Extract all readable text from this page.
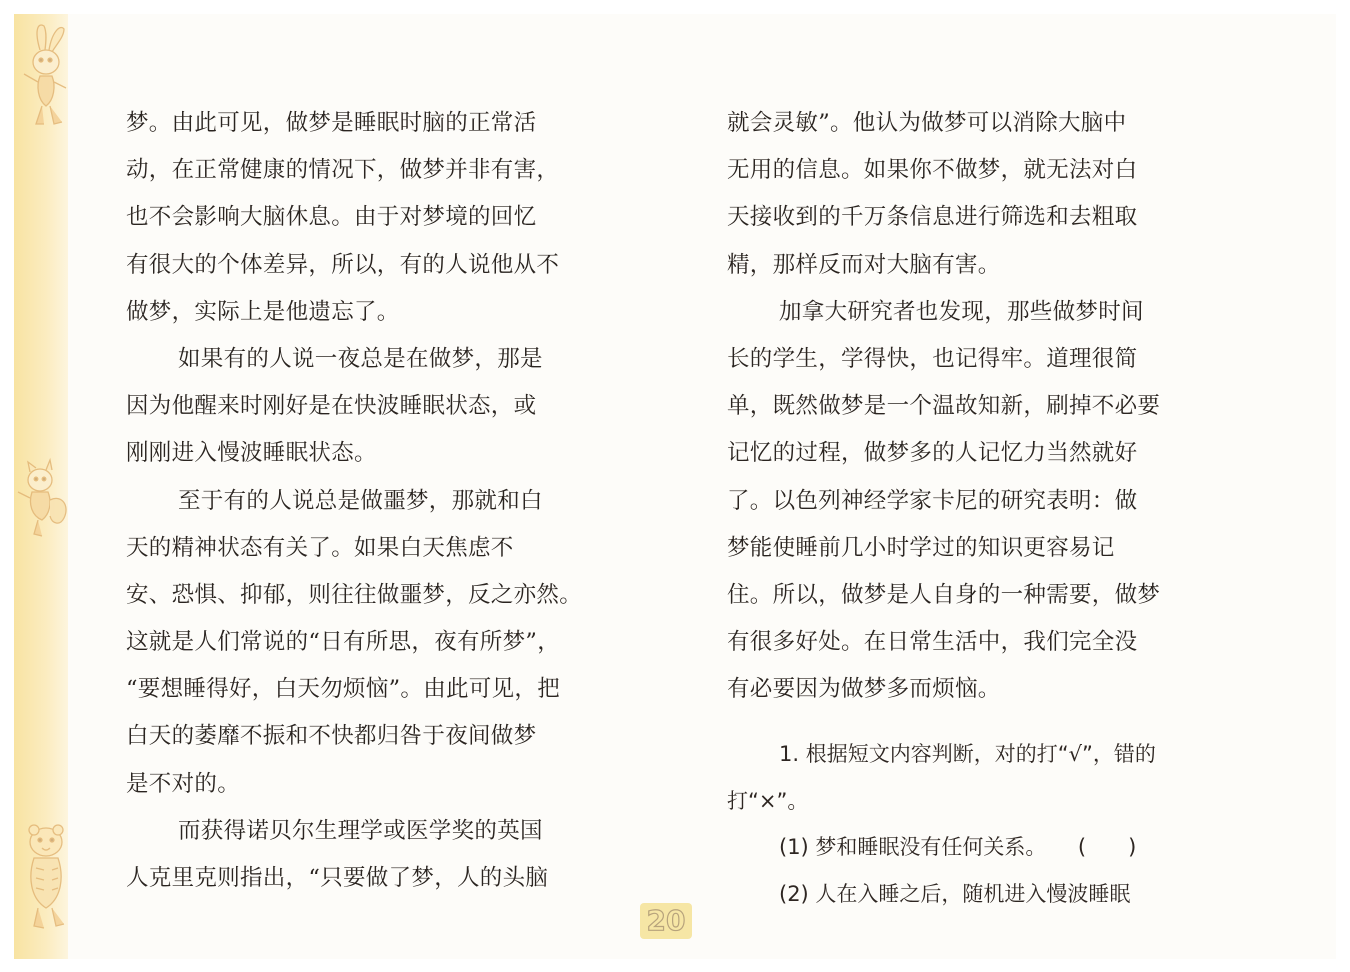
梦。由此可见，做梦是睡眠时脑的正常活
动，在正常健康的情况下，做梦并非有害，
也不会影响大脑休息。由于对梦境的回忆
有很大的个体差异，所以，有的人说他从不
做梦，实际上是他遗忘了。
如果有的人说一夜总是在做梦，那是
因为他醒来时刚好是在快波睡眠状态，或
刚刚进入慢波睡眠状态。
至于有的人说总是做噩梦，那就和白
天的精神状态有关了。如果白天焦虑不
安、恐惧、抑郁，则往往做噩梦，反之亦然。
这就是人们常说的“日有所思，夜有所梦”，
“要想睡得好，白天勿烦恼”。由此可见，把
白天的萎靡不振和不快都归咎于夜间做梦
是不对的。
而获得诺贝尔生理学或医学奖的英国
人克里克则指出，“只要做了梦，人的头脑
就会灵敏”。他认为做梦可以消除大脑中
无用的信息。如果你不做梦，就无法对白
天接收到的千万条信息进行筛选和去粗取
精，那样反而对大脑有害。
加拿大研究者也发现，那些做梦时间
长的学生，学得快，也记得牢。道理很简
单，既然做梦是一个温故知新，刷掉不必要
记忆的过程，做梦多的人记忆力当然就好
了。以色列神经学家卡尼的研究表明：做
梦能使睡前几小时学过的知识更容易记
住。所以，做梦是人自身的一种需要，做梦
有很多好处。在日常生活中，我们完全没
有必要因为做梦多而烦恼。
1. 根据短文内容判断，对的打“√”，错的
打“×”。
(1) 梦和睡眠没有任何关系。　　(　　)
(2) 人在入睡之后，随机进入慢波睡眠
20
